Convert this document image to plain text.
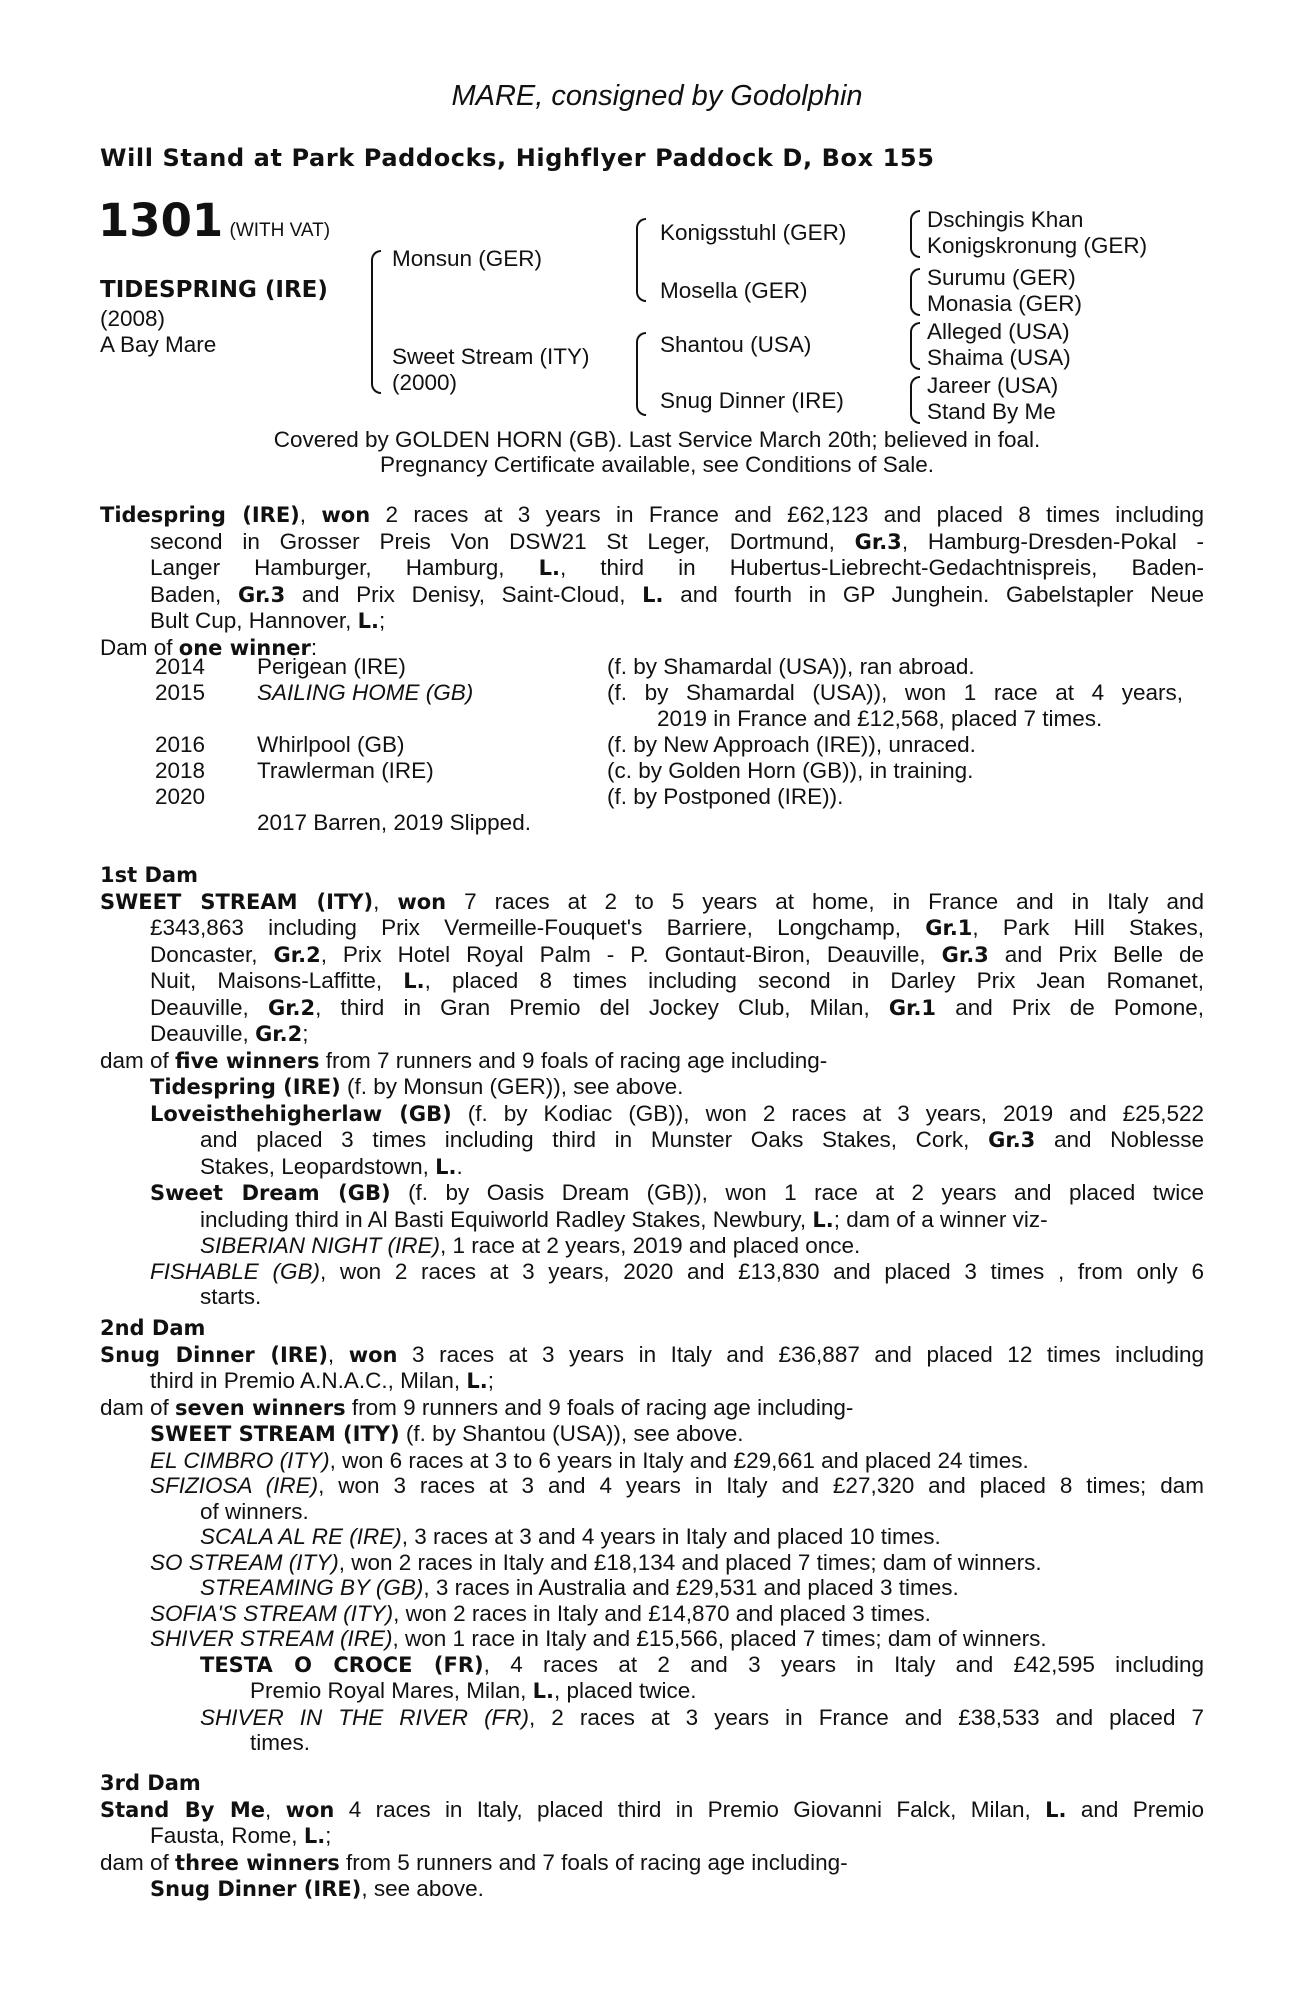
MARE, consigned by Godolphin
Will Stand at Park Paddocks, Highflyer Paddock D, Box 155
1301 (WITH VAT)
TIDESPRING (IRE)
(2008)
A Bay Mare
Monsun (GER)
Sweet Stream (ITY)
(2000)
Konigsstuhl (GER)
Mosella (GER)
Shantou (USA)
Snug Dinner (IRE)
Dschingis Khan
Konigskronung (GER)
Surumu (GER)
Monasia (GER)
Alleged (USA)
Shaima (USA)
Jareer (USA)
Stand By Me
Covered by GOLDEN HORN (GB). Last Service March 20th; believed in foal.
Pregnancy Certificate available, see Conditions of Sale.
Tidespring (IRE), won 2 races at 3 years in France and £62,123 and placed 8 times including
second in Grosser Preis Von DSW21 St Leger, Dortmund, Gr.3, Hamburg-Dresden-Pokal -
Langer Hamburger, Hamburg, L., third in Hubertus-Liebrecht-Gedachtnispreis, Baden-
Baden, Gr.3 and Prix Denisy, Saint-Cloud, L. and fourth in GP Junghein. Gabelstapler Neue
Bult Cup, Hannover, L.;
Dam of one winner:
2014 Perigean (IRE)	(f. by Shamardal (USA)), ran abroad.
2015 SAILING HOME (GB)	(f.  by  Shamardal  (USA)),  won  1  race  at  4  years,
2019 in France and £12,568, placed 7 times.
2016 Whirlpool (GB)	(f. by New Approach (IRE)), unraced.
2018 Trawlerman (IRE)	(c. by Golden Horn (GB)), in training.
2020	(f. by Postponed (IRE)).
2017 Barren, 2019 Slipped.
1st Dam
SWEET STREAM (ITY), won 7 races at 2 to 5 years at home, in France and in Italy and
£343,863 including Prix Vermeille-Fouquet's Barriere, Longchamp, Gr.1, Park Hill Stakes,
Doncaster, Gr.2, Prix Hotel Royal Palm - P. Gontaut-Biron, Deauville, Gr.3 and Prix Belle de
Nuit, Maisons-Laffitte, L., placed 8 times including second in Darley Prix Jean Romanet,
Deauville, Gr.2, third in Gran Premio del Jockey Club, Milan, Gr.1 and Prix de Pomone,
Deauville, Gr.2;
dam of five winners from 7 runners and 9 foals of racing age including-
Tidespring (IRE) (f. by Monsun (GER)), see above.
Loveisthehigherlaw (GB) (f. by Kodiac (GB)), won 2 races at 3 years, 2019 and £25,522
and placed 3 times including third in Munster Oaks Stakes, Cork, Gr.3 and Noblesse
Stakes, Leopardstown, L..
Sweet Dream (GB) (f. by Oasis Dream (GB)), won 1 race at 2 years and placed twice
including third in Al Basti Equiworld Radley Stakes, Newbury, L.; dam of a winner viz-
SIBERIAN NIGHT (IRE), 1 race at 2 years, 2019 and placed once.
FISHABLE (GB), won 2 races at 3 years, 2020 and £13,830 and placed 3 times , from only 6
starts.
2nd Dam
Snug Dinner (IRE), won 3 races at 3 years in Italy and £36,887 and placed 12 times including
third in Premio A.N.A.C., Milan, L.;
dam of seven winners from 9 runners and 9 foals of racing age including-
SWEET STREAM (ITY) (f. by Shantou (USA)), see above.
EL CIMBRO (ITY), won 6 races at 3 to 6 years in Italy and £29,661 and placed 24 times.
SFIZIOSA (IRE), won 3 races at 3 and 4 years in Italy and £27,320 and placed 8 times; dam
of winners.
SCALA AL RE (IRE), 3 races at 3 and 4 years in Italy and placed 10 times.
SO STREAM (ITY), won 2 races in Italy and £18,134 and placed 7 times; dam of winners.
STREAMING BY (GB), 3 races in Australia and £29,531 and placed 3 times.
SOFIA'S STREAM (ITY), won 2 races in Italy and £14,870 and placed 3 times.
SHIVER STREAM (IRE), won 1 race in Italy and £15,566, placed 7 times; dam of winners.
TESTA O CROCE (FR), 4 races at 2 and 3 years in Italy and £42,595 including
Premio Royal Mares, Milan, L., placed twice.
SHIVER IN THE RIVER (FR), 2 races at 3 years in France and £38,533 and placed 7
times.
3rd Dam
Stand By Me, won 4 races in Italy, placed third in Premio Giovanni Falck, Milan, L. and Premio
Fausta, Rome, L.;
dam of three winners from 5 runners and 7 foals of racing age including-
Snug Dinner (IRE), see above.
